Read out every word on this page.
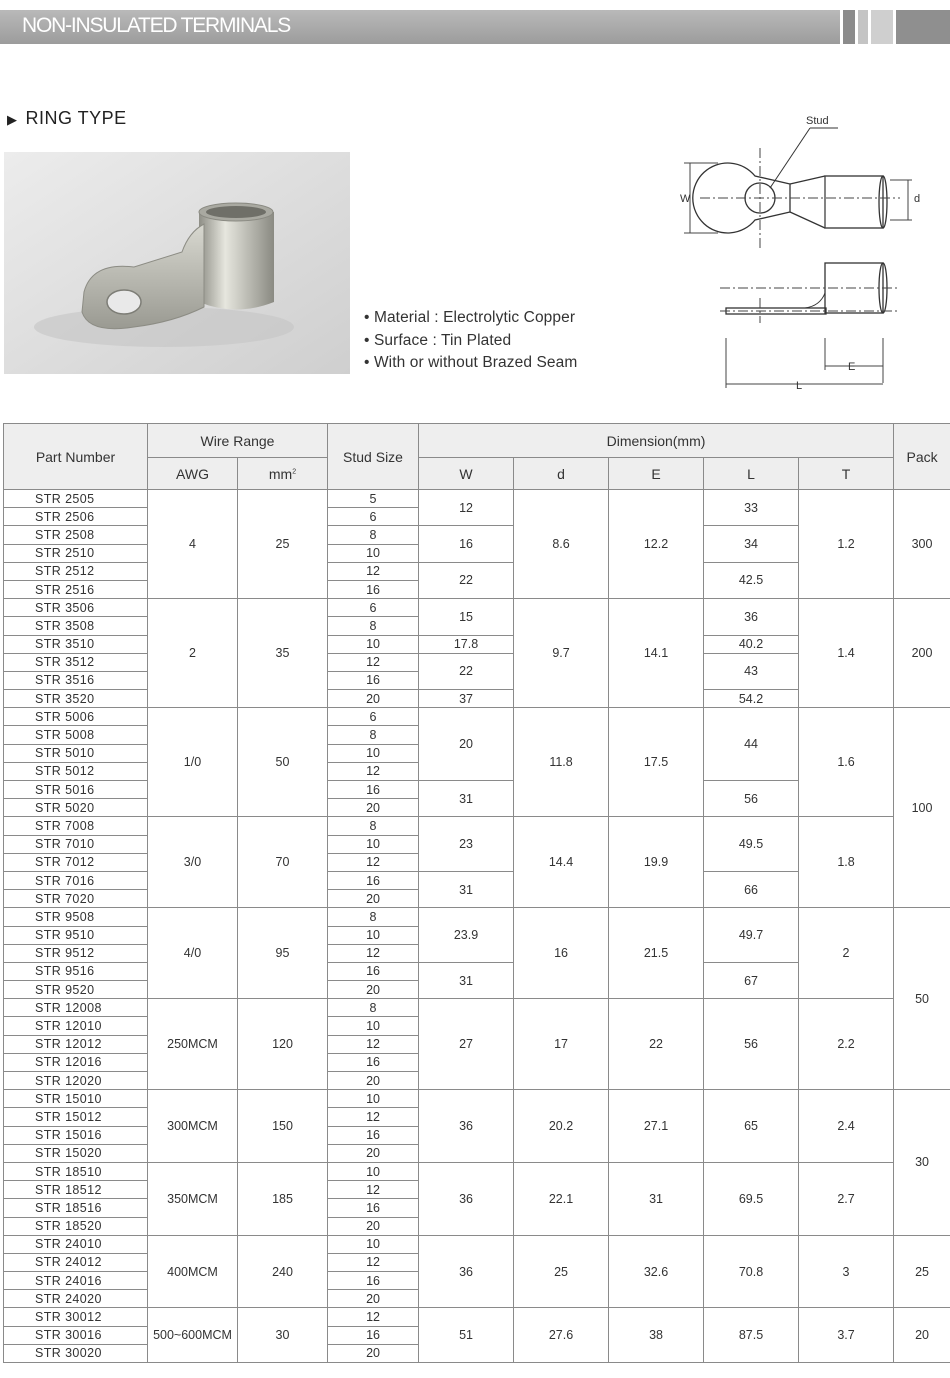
NON-INSULATED TERMINALS
▶ RING TYPE
• Material : Electrolytic Copper
• Surface : Tin Plated
• With or without Brazed Seam
Stud
W	d
E
L
Part Number	Wire Range		Stud Size	Dimension(mm)					Pack
	AWG	$mm^2$		W	d	E	L	T	
STR 2505	4	25	5	12	8.6	12.2	33	1.2	300
STR 2506			6						
STR 2508			8	16			34		
STR 2510			10						
STR 2512			12	22			42.5		
STR 2516			16						
STR 3506	2	35	6	15	9.7	14.1	36	1.4	200
STR 3508			8						
STR 3510			10	17.8			40.2		
STR 3512			12	22			43		
STR 3516			16						
STR 3520			20	37			54.2		
STR 5006	1/0	50	6	20	11.8	17.5	44	1.6	100
STR 5008			8						
STR 5010			10						
STR 5012			12						
STR 5016			16	31			56		
STR 5020			20						
STR 7008	3/0	70	8	23	14.4	19.9	49.5	1.8	
STR 7010			10						
STR 7012			12						
STR 7016			16	31			66		
STR 7020			20						
STR 9508	4/0	95	8	23.9	16	21.5	49.7	2	50
STR 9510			10						
STR 9512			12						
STR 9516			16	31			67		
STR 9520			20						
STR 12008	250MCM	120	8	27	17	22	56	2.2	
STR 12010			10						
STR 12012			12						
STR 12016			16						
STR 12020			20						
STR 15010	300MCM	150	10	36	20.2	27.1	65	2.4	30
STR 15012			12						
STR 15016			16						
STR 15020			20						
STR 18510	350MCM	185	10	36	22.1	31	69.5	2.7	
STR 18512			12						
STR 18516			16						
STR 18520			20						
STR 24010	400MCM	240	10	36	25	32.6	70.8	3	25
STR 24012			12						
STR 24016			16						
STR 24020			20						
STR 30012	500~600MCM	30	12	51	27.6	38	87.5	3.7	20
STR 30016			16						
STR 30020			20						
